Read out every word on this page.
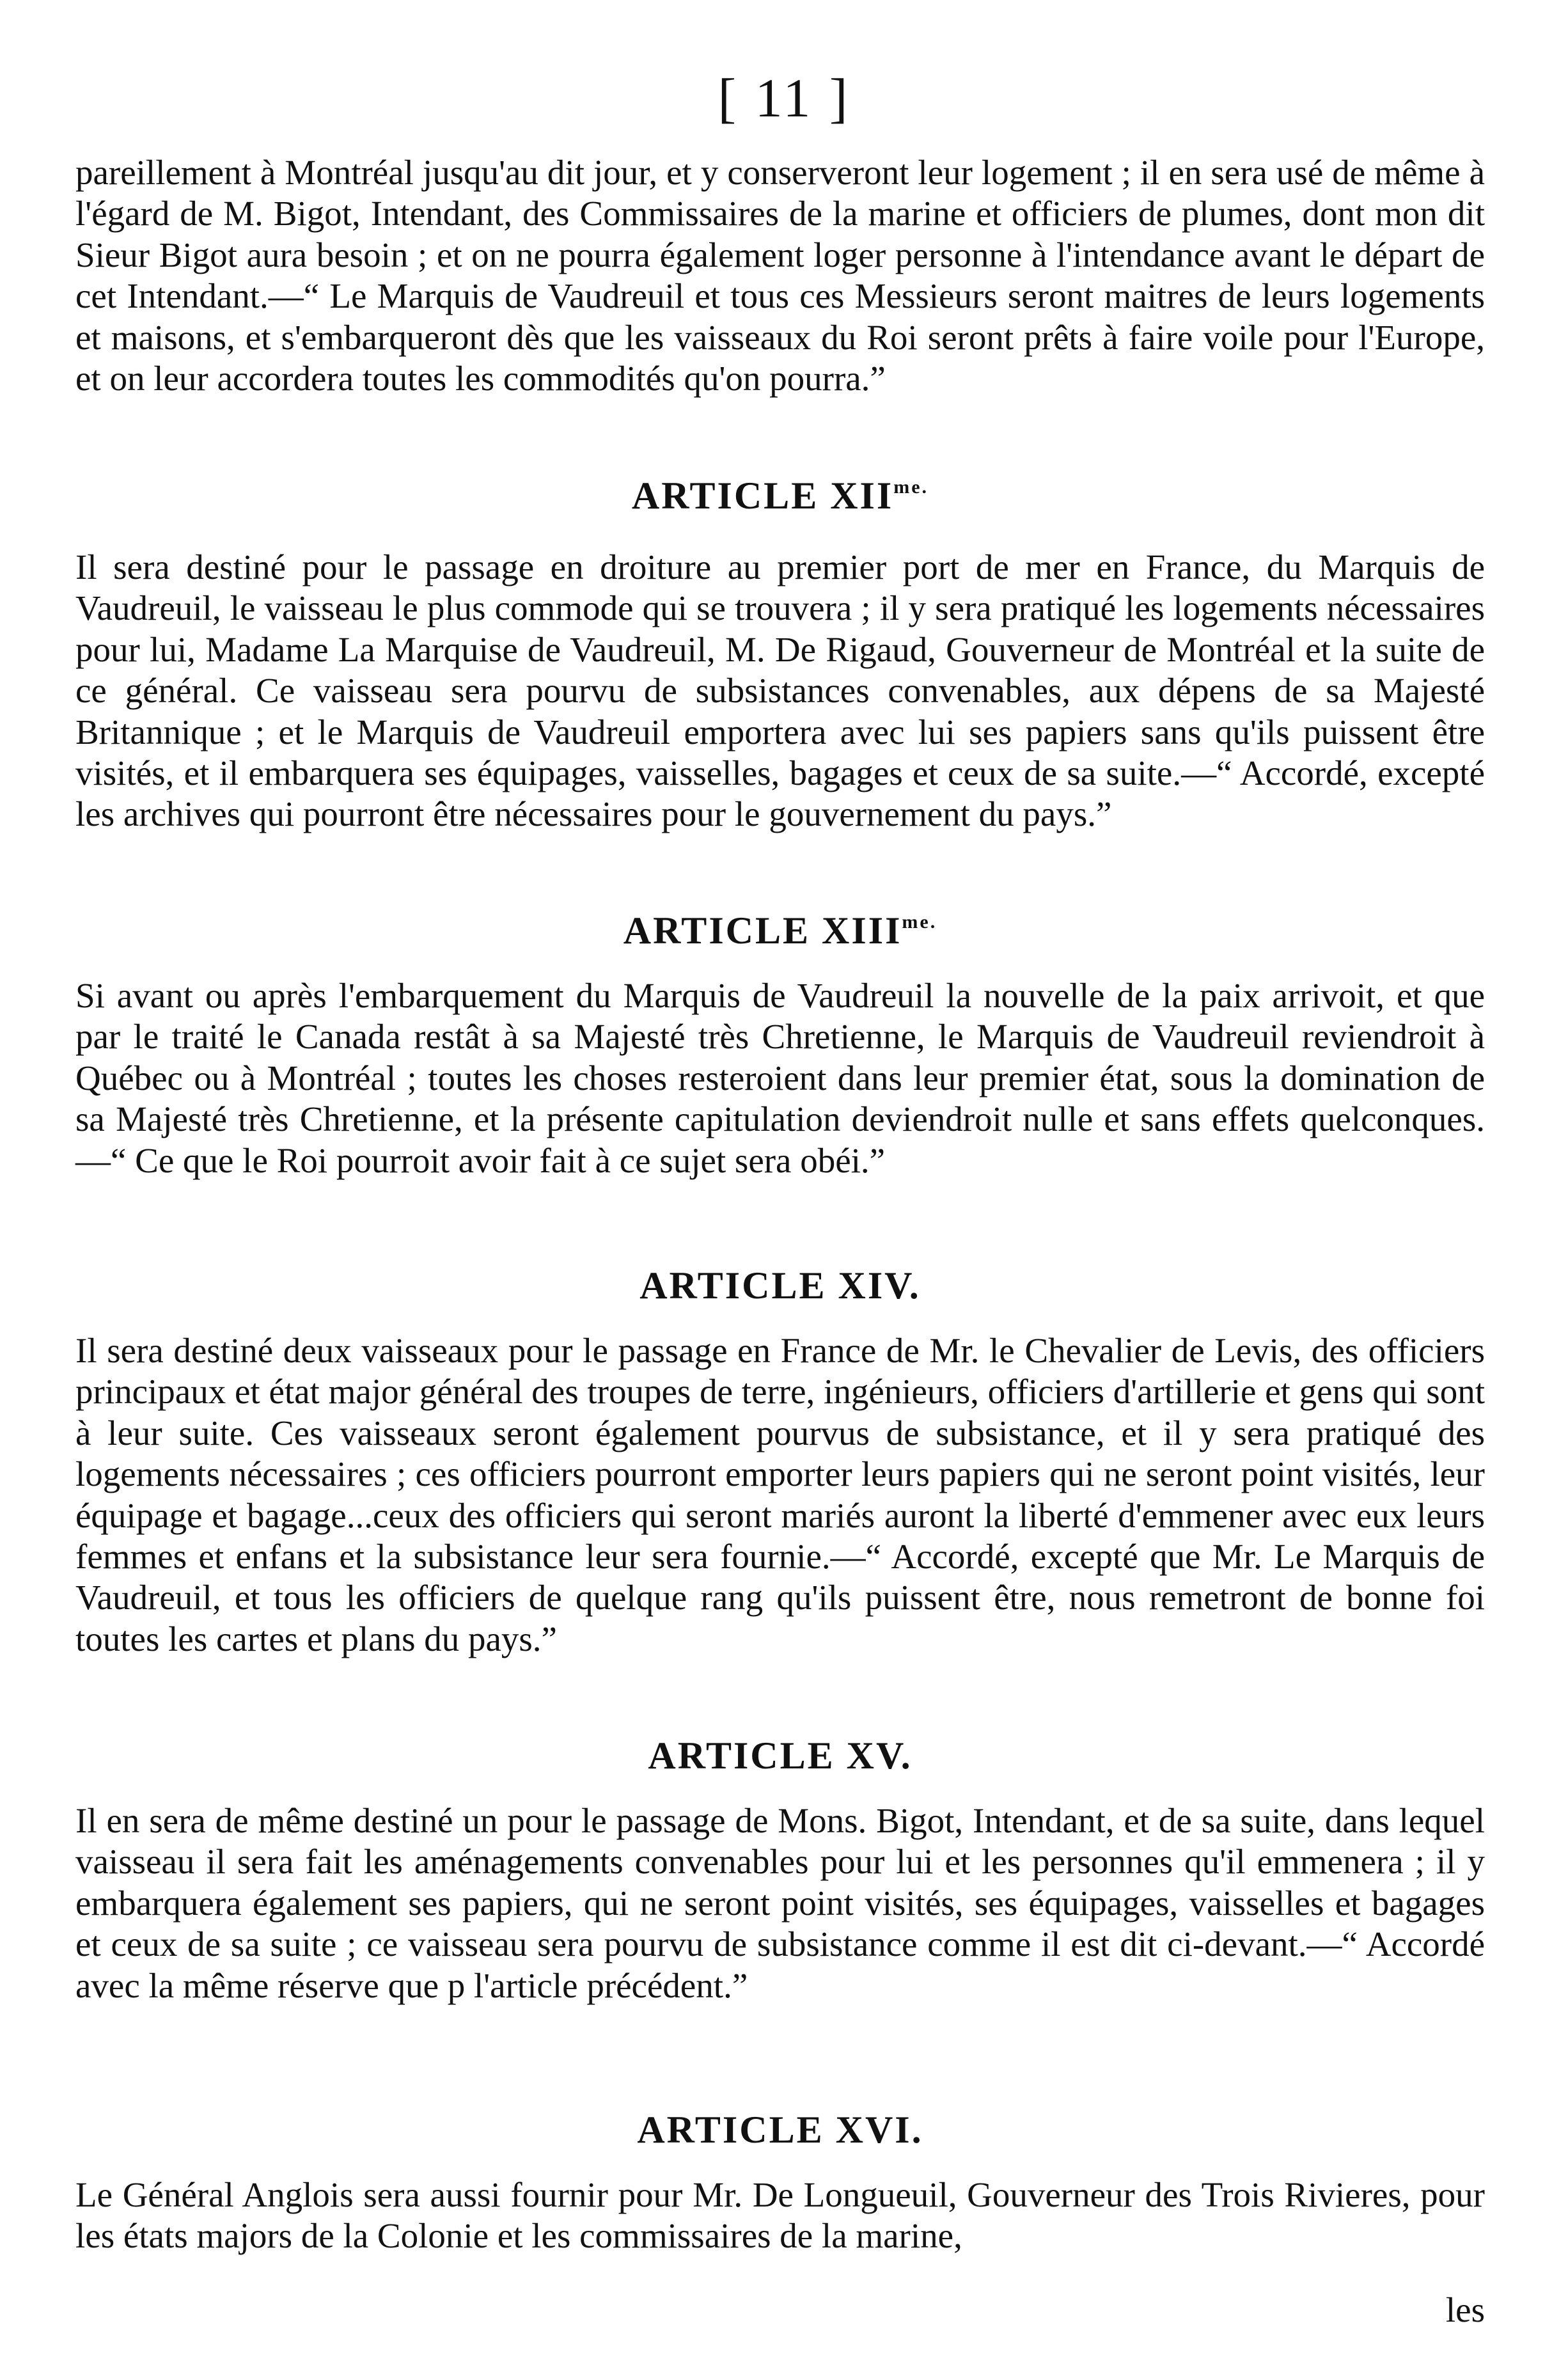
[ 11 ]

pareillement à Montréal jusqu'au dit jour, et y conserveront leur logement ; il en sera usé de même à l'égard de M. Bigot, Intendant, des Commissaires de la marine et officiers de plumes, dont mon dit Sieur Bigot aura besoin ; et on ne pourra également loger personne à l'intendance avant le départ de cet Intendant.—“ Le Marquis de Vaudreuil et tous ces Messieurs seront maitres de leurs logements et maisons, et s'embarqueront dès que les vaisseaux du Roi seront prêts à faire voile pour l'Europe, et on leur accordera toutes les commodités qu'on pourra.”

ARTICLE $XII^{me.}$

Il sera destiné pour le passage en droiture au premier port de mer en France, du Marquis de Vaudreuil, le vaisseau le plus commode qui se trouvera ; il y sera pratiqué les logements nécessaires pour lui, Madame La Marquise de Vaudreuil, M. De Rigaud, Gouverneur de Montréal et la suite de ce général. Ce vaisseau sera pourvu de subsistances convenables, aux dépens de sa Majesté Britannique ; et le Marquis de Vaudreuil emportera avec lui ses papiers sans qu'ils puissent être visités, et il embarquera ses équipages, vaisselles, bagages et ceux de sa suite.—“ Accordé, excepté les archives qui pourront être nécessaires pour le gouvernement du pays.”

ARTICLE $XIII^{me.}$

Si avant ou après l'embarquement du Marquis de Vaudreuil la nouvelle de la paix arrivoit, et que par le traité le Canada restât à sa Majesté très Chretienne, le Marquis de Vaudreuil reviendroit à Québec ou à Montréal ; toutes les choses resteroient dans leur premier état, sous la domination de sa Majesté très Chretienne, et la présente capitulation deviendroit nulle et sans effets quelconques.—“ Ce que le Roi pourroit avoir fait à ce sujet sera obéi.”

ARTICLE XIV.

Il sera destiné deux vaisseaux pour le passage en France de Mr. le Chevalier de Levis, des officiers principaux et état major général des troupes de terre, ingénieurs, officiers d'artillerie et gens qui sont à leur suite. Ces vaisseaux seront également pourvus de subsistance, et il y sera pratiqué des logements nécessaires ; ces officiers pourront emporter leurs papiers qui ne seront point visités, leur équipage et bagage...ceux des officiers qui seront mariés auront la liberté d'emmener avec eux leurs femmes et enfans et la subsistance leur sera fournie.—“ Accordé, excepté que Mr. Le Marquis de Vaudreuil, et tous les officiers de quelque rang qu'ils puissent être, nous remetront de bonne foi toutes les cartes et plans du pays.”

ARTICLE XV.

Il en sera de même destiné un pour le passage de Mons. Bigot, Intendant, et de sa suite, dans lequel vaisseau il sera fait les aménagements convenables pour lui et les personnes qu'il emmenera ; il y embarquera également ses papiers, qui ne seront point visités, ses équipages, vaisselles et bagages et ceux de sa suite ; ce vaisseau sera pourvu de subsistance comme il est dit ci-devant.—“ Accordé avec la même réserve que p l'article précédent.”

ARTICLE XVI.

Le Général Anglois sera aussi fournir pour Mr. De Longueuil, Gouverneur des Trois Rivieres, pour les états majors de la Colonie et les commissaires de la marine,

les
